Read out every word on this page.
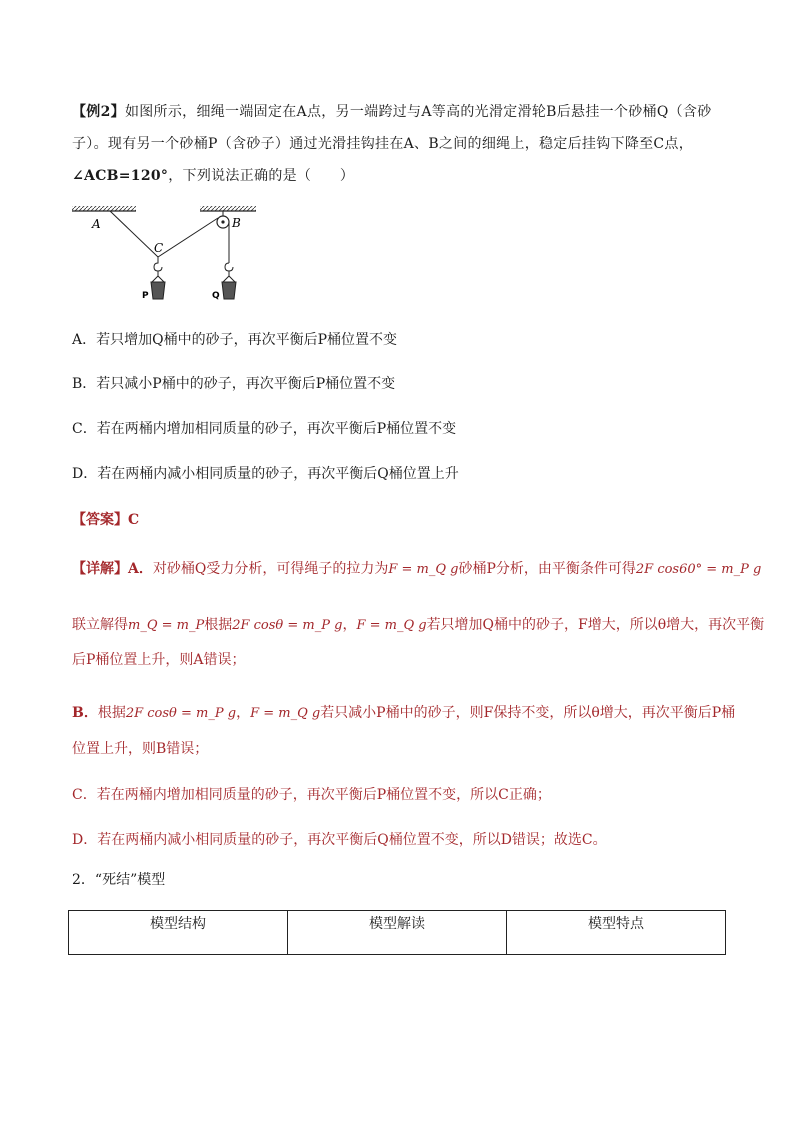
【例2】如图所示，细绳一端固定在A点，另一端跨过与A等高的光滑定滑轮B后悬挂一个砂桶Q（含砂
子）。现有另一个砂桶P（含砂子）通过光滑挂钩挂在A、B之间的细绳上，稳定后挂钩下降至C点，
∠ACB=120°，下列说法正确的是（　　）
A	B
C
P	Q
A．若只增加Q桶中的砂子，再次平衡后P桶位置不变
B．若只减小P桶中的砂子，再次平衡后P桶位置不变
C．若在两桶内增加相同质量的砂子，再次平衡后P桶位置不变
D．若在两桶内减小相同质量的砂子，再次平衡后Q桶位置上升
【答案】C
【详解】A．对砂桶Q受力分析，可得绳子的拉力为F = m_Q g砂桶P分析，由平衡条件可得2F cos60° = m_P g
联立解得m_Q = m_P根据2F cosθ = m_P g，F = m_Q g若只增加Q桶中的砂子，F增大，所以θ增大，再次平衡
后P桶位置上升，则A错误；
B．根据2F cosθ = m_P g，F = m_Q g若只减小P桶中的砂子，则F保持不变，所以θ增大，再次平衡后P桶
位置上升，则B错误；
C．若在两桶内增加相同质量的砂子，再次平衡后P桶位置不变，所以C正确；
D．若在两桶内减小相同质量的砂子，再次平衡后Q桶位置不变，所以D错误；故选C。
2．“死结”模型
模型结构	模型解读	模型特点
